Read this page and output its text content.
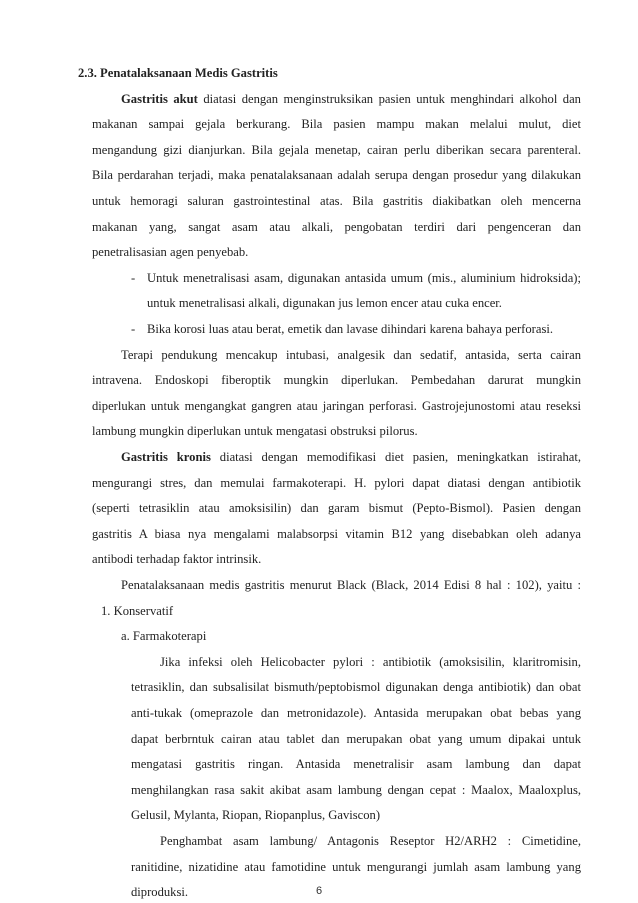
2.3. Penatalaksanaan Medis Gastritis
Gastritis akut diatasi dengan menginstruksikan pasien untuk menghindari alkohol dan
makanan sampai gejala berkurang. Bila pasien mampu makan melalui mulut, diet
mengandung gizi dianjurkan. Bila gejala menetap, cairan perlu diberikan secara parenteral.
Bila perdarahan terjadi, maka penatalaksanaan adalah serupa dengan prosedur yang dilakukan
untuk hemoragi saluran gastrointestinal atas. Bila gastritis diakibatkan oleh mencerna
makanan yang, sangat asam atau alkali, pengobatan terdiri dari pengenceran dan
penetralisasian agen penyebab.
- Untuk menetralisasi asam, digunakan antasida umum (mis., aluminium hidroksida);
untuk menetralisasi alkali, digunakan jus lemon encer atau cuka encer.
- Bika korosi luas atau berat, emetik dan lavase dihindari karena bahaya perforasi.
Terapi pendukung mencakup intubasi, analgesik dan sedatif, antasida, serta cairan
intravena. Endoskopi fiberoptik mungkin diperlukan. Pembedahan darurat mungkin
diperlukan untuk mengangkat gangren atau jaringan perforasi. Gastrojejunostomi atau reseksi
lambung mungkin diperlukan untuk mengatasi obstruksi pilorus.
Gastritis kronis diatasi dengan memodifikasi diet pasien, meningkatkan istirahat,
mengurangi stres, dan memulai farmakoterapi. H. pylori dapat diatasi dengan antibiotik
(seperti tetrasiklin atau amoksisilin) dan garam bismut (Pepto-Bismol). Pasien dengan
gastritis A biasa nya mengalami malabsorpsi vitamin B12 yang disebabkan oleh adanya
antibodi terhadap faktor intrinsik.
Penatalaksanaan medis gastritis menurut Black (Black, 2014 Edisi 8 hal : 102), yaitu :
1. Konservatif
a. Farmakoterapi
Jika infeksi oleh Helicobacter pylori : antibiotik (amoksisilin, klaritromisin,
tetrasiklin, dan subsalisilat bismuth/peptobismol digunakan denga antibiotik) dan obat
anti-tukak (omeprazole dan metronidazole). Antasida merupakan obat bebas yang
dapat berbrntuk cairan atau tablet dan merupakan obat yang umum dipakai untuk
mengatasi gastritis ringan. Antasida menetralisir asam lambung dan dapat
menghilangkan rasa sakit akibat asam lambung dengan cepat : Maalox, Maaloxplus,
Gelusil, Mylanta, Riopan, Riopanplus, Gaviscon)
6
Penghambat asam lambung/ Antagonis Reseptor H2/ARH2 : Cimetidine,
ranitidine, nizatidine atau famotidine untuk mengurangi jumlah asam lambung yang
diproduksi.
